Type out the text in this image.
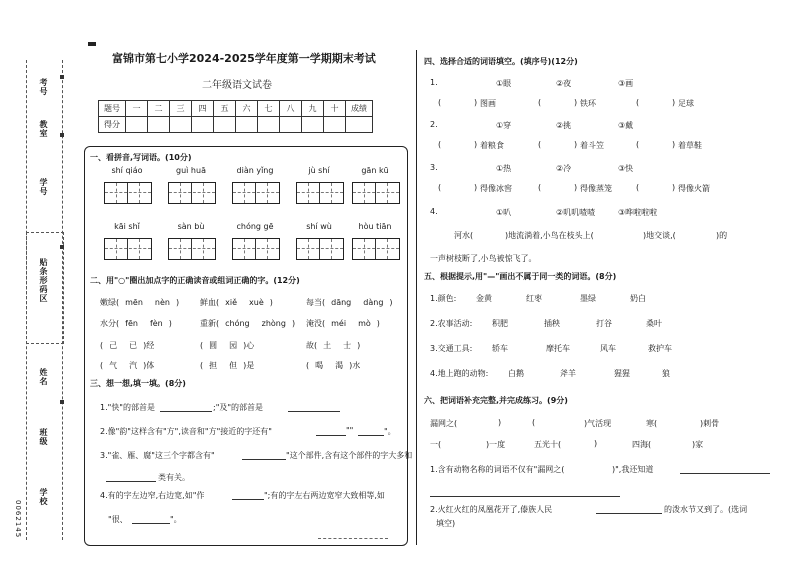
考号
教室
学号
贴条形码区
姓名
班级
学校
0062145
富锦市第七小学2024-2025学年度第一学期期末考试
二年级语文试卷
题号	一	二	三	四	五	六	七	八	九	十	成绩
得分											
一、看拼音,写词语。(10分)
shí qiáo	guì huā	diàn yǐng	jù shí	gān kū
kāi shǐ	sàn bù	chóng gē	shí wù	hòu tiān
二、用"○"圈出加点字的正确读音或组词正确的字。(12分)
嫩绿( mēn nèn )	鲜血( xiě xuè )	每当( dāng dàng )
水分( fēn fèn )	重新( chóng zhòng ) 淹没( méi mò )
( 己 已 )经	( 圆 园 )心	故( 土 士 )
( 气 汽 )体	( 担 但 )是	( 喝 渴 )水
三、想一想,填一填。(8分)
1."快"的部首是	;"及"的部首是
2.像"韵"这样含有"方",读音和"方"接近的字还有"	""	"。
3."雀、雁、腐"这三个字都含有"	"这个部件,含有这个部件的字大多和
类有关。
4.有的字左边窄,右边宽,如"作	";有的字左右两边宽窄大致相等,如
"很、	"。
四、选择合适的词语填空。(填序号)(12分)
1.	①眼	②夜	③画
(	) 图画	(	) 铁环	(	) 足球
2.	①穿	②挑	③戴
(	) 着粮食	(	) 着斗笠	(	) 着草鞋
3.	①热	②冷	③快
(	) 得像冰窖	(	) 得像蒸笼	(	) 得像火箭
4.	①叭	②叽叽喳喳	③哗啦啦啦
河水(	)地流淌着,小鸟在枝头上(	)地交谈,(	)的
一声树枝断了,小鸟被惊飞了。
五、根据提示,用"—"画出不属于同一类的词语。(8分)
1.颜色: 金黄	红枣	墨绿	奶白
2.农事活动: 积肥	插秧	打谷	桑叶
3.交通工具: 轿车	摩托车	风车	救护车
4.地上跑的动物: 白鹅	斧羊	猩猩	狼
六、把词语补充完整,并完成练习。(9分)
漏网之(	)	(	)气活现	寒(	)刺骨
一(	)一度	五光十(	)	四海(	)家
1.含有动物名称的词语不仅有"漏网之(	)",我还知道
2.火红火红的凤凰花开了,傣族人民	的泼水节又到了。(选词
填空)
